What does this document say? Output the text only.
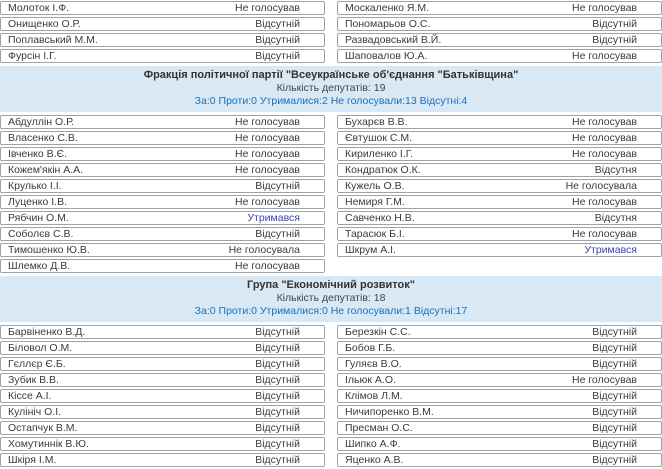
Молоток І.Ф.	Не голосував
Онищенко О.Р.	Відсутній
Поплавський М.М.	Відсутній
Фурсін І.Г.	Відсутній
Москаленко Я.М.	Не голосував
Пономарьов О.С.	Відсутній
Развадовський В.Й.	Відсутній
Шаповалов Ю.А.	Не голосував
Фракція політичної партії "Всеукраїнське об'єднання "Батьківщина"
Кількість депутатів: 19
За:0 Проти:0 Утрималися:2 Не голосували:13 Відсутні:4
Абдуллін О.Р.	Не голосував
Власенко С.В.	Не голосував
Івченко В.Є.	Не голосував
Кожем'якін А.А.	Не голосував
Крулько І.І.	Відсутній
Луценко І.В.	Не голосував
Рябчин О.М.	Утримався
Соболєв С.В.	Відсутній
Тимошенко Ю.В.	Не голосувала
Шлемко Д.В.	Не голосував
Бухарєв В.В.	Не голосував
Євтушок С.М.	Не голосував
Кириленко І.Г.	Не голосував
Кондратюк О.К.	Відсутня
Кужель О.В.	Не голосувала
Немиря Г.М.	Не голосував
Савченко Н.В.	Відсутня
Тарасюк Б.І.	Не голосував
Шкрум А.І.	Утримався
Група "Економічний розвиток"
Кількість депутатів: 18
За:0 Проти:0 Утрималися:0 Не голосували:1 Відсутні:17
Барвіненко В.Д.	Відсутній
Біловол О.М.	Відсутній
Гєллєр Є.Б.	Відсутній
Зубик В.В.	Відсутній
Кіссе А.І.	Відсутній
Кулініч О.І.	Відсутній
Остапчук В.М.	Відсутній
Хомутиннік В.Ю.	Відсутній
Шкіря І.М.	Відсутній
Березкін С.С.	Відсутній
Бобов Г.Б.	Відсутній
Гуляєв В.О.	Відсутній
Ільюк А.О.	Не голосував
Клімов Л.М.	Відсутній
Ничипоренко В.М.	Відсутній
Пресман О.С.	Відсутній
Шипко А.Ф.	Відсутній
Яценко А.В.	Відсутній
